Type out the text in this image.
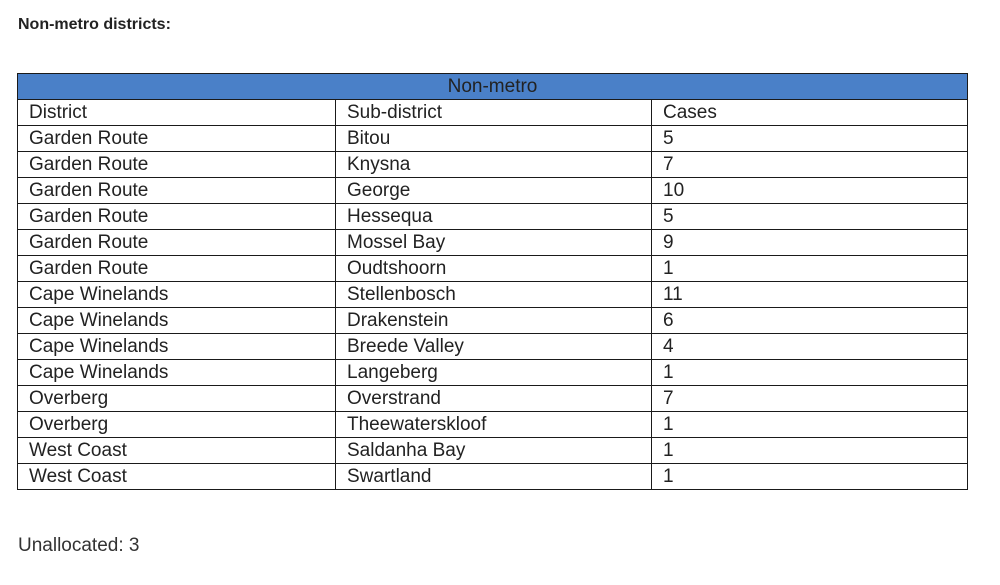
Non-metro districts:
Non-metro		
District	Sub-district	Cases
Garden Route	Bitou	5
Garden Route	Knysna	7
Garden Route	George	10
Garden Route	Hessequa	5
Garden Route	Mossel Bay	9
Garden Route	Oudtshoorn	1
Cape Winelands	Stellenbosch	11
Cape Winelands	Drakenstein	6
Cape Winelands	Breede Valley	4
Cape Winelands	Langeberg	1
Overberg	Overstrand	7
Overberg	Theewaterskloof	1
West Coast	Saldanha Bay	1
West Coast	Swartland	1
Unallocated: 3
